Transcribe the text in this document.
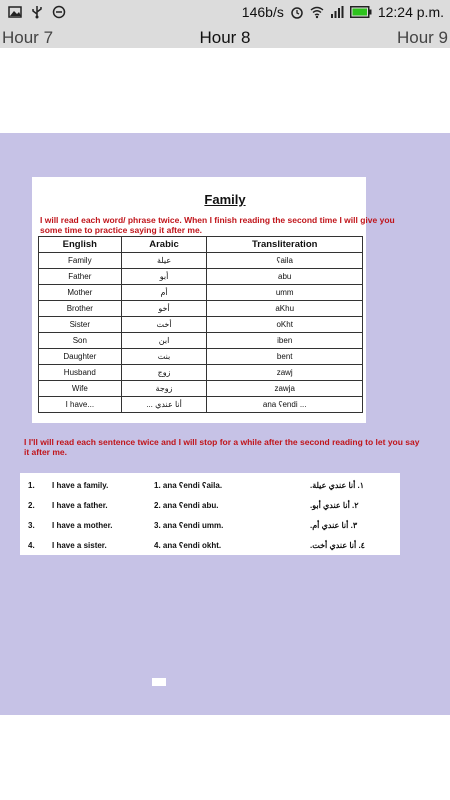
146b/s	12:24 p.m.
Hour 7	Hour 8	Hour 9
Family
I will read each word/ phrase twice. When I finish reading the second time I will give you some time to practice saying it after me.
English	Arabic	Transliteration
Family	عيلة	ʕaila
Father	أبو	abu
Mother	أم	umm
Brother	أخو	aKhu
Sister	أخت	oKht
Son	ابن	iben
Daughter	بنت	bent
Husband	زوج	zawj
Wife	زوجة	zawja
I have...	أنا عندي ...	ana ʕendi ...
I I'll will read each sentence twice and I will stop for a while after the second reading to let you say it after me.
1. I have a family.	1. ana ʕendi ʕaila.	١. أنا عندي عيلة.
2. I have a father.	2. ana ʕendi abu.	٢. أنا عندي أبو.
3. I have a mother.	3. ana ʕendi umm.	٣. أنا عندي أم.
4. I have a sister.	4. ana ʕendi okht.	٤. أنا عندي أخت.
